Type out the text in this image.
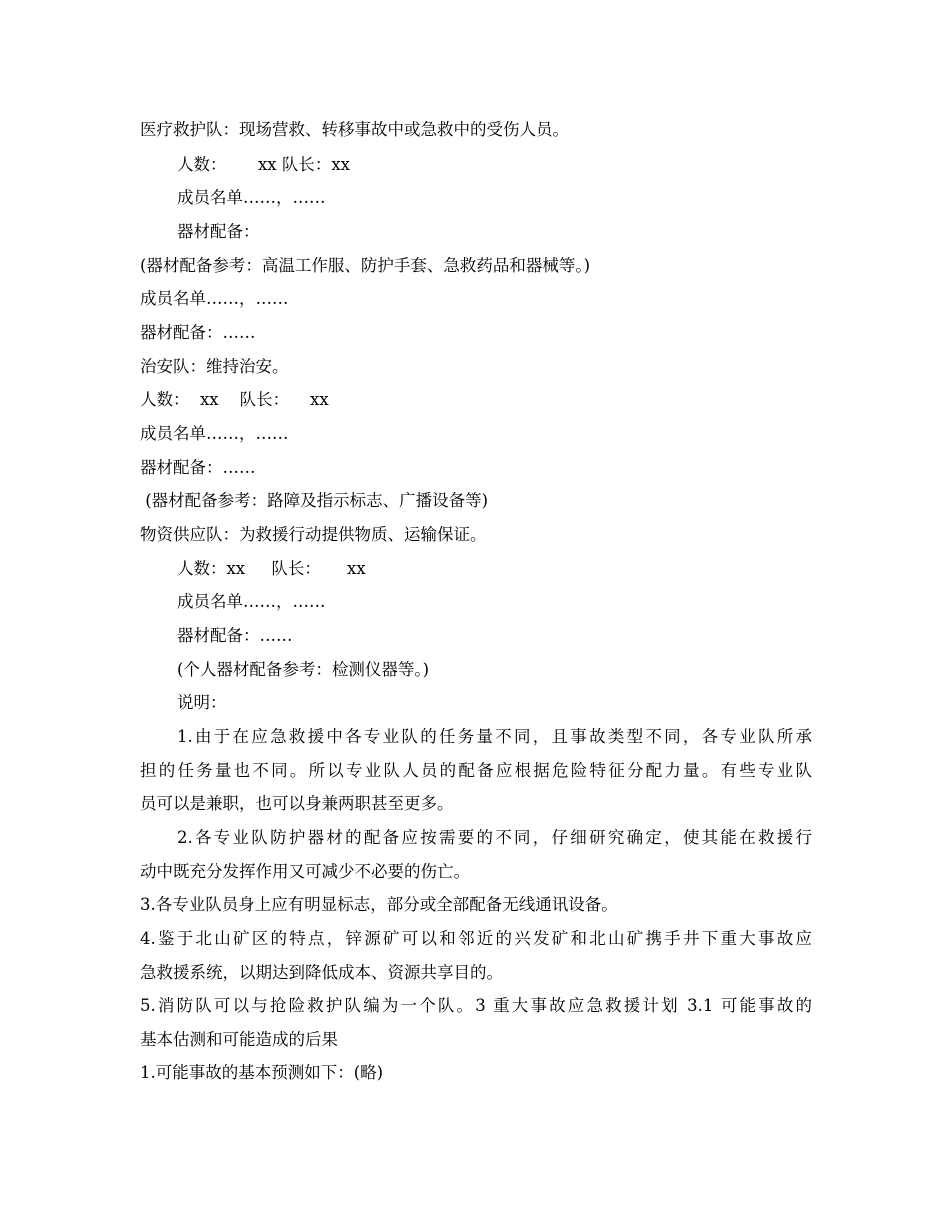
医疗救护队：现场营救、转移事故中或急救中的受伤人员。
人数：      xx 队长：xx
成员名单……，……
器材配备：
(器材配备参考：高温工作服、防护手套、急救药品和器械等。)
成员名单……，……
器材配备：……
治安队：维持治安。
人数：  xx    队长：    xx
成员名单……，……
器材配备：……
(器材配备参考：路障及指示标志、广播设备等)
物资供应队：为救援行动提供物质、运输保证。
人数：xx     队长：     xx
成员名单……，……
器材配备：……
(个人器材配备参考：检测仪器等。)
说明：
1.由于在应急救援中各专业队的任务量不同，且事故类型不同，各专业队所承
担的任务量也不同。所以专业队人员的配备应根据危险特征分配力量。有些专业队
员可以是兼职，也可以身兼两职甚至更多。
2.各专业队防护器材的配备应按需要的不同，仔细研究确定，使其能在救援行
动中既充分发挥作用又可减少不必要的伤亡。
3.各专业队员身上应有明显标志，部分或全部配备无线通讯设备。
4.鉴于北山矿区的特点，锌源矿可以和邻近的兴发矿和北山矿携手井下重大事故应
急救援系统，以期达到降低成本、资源共享目的。
5.消防队可以与抢险救护队编为一个队。3 重大事故应急救援计划 3.1 可能事故的
基本估测和可能造成的后果
1.可能事故的基本预测如下：(略)
